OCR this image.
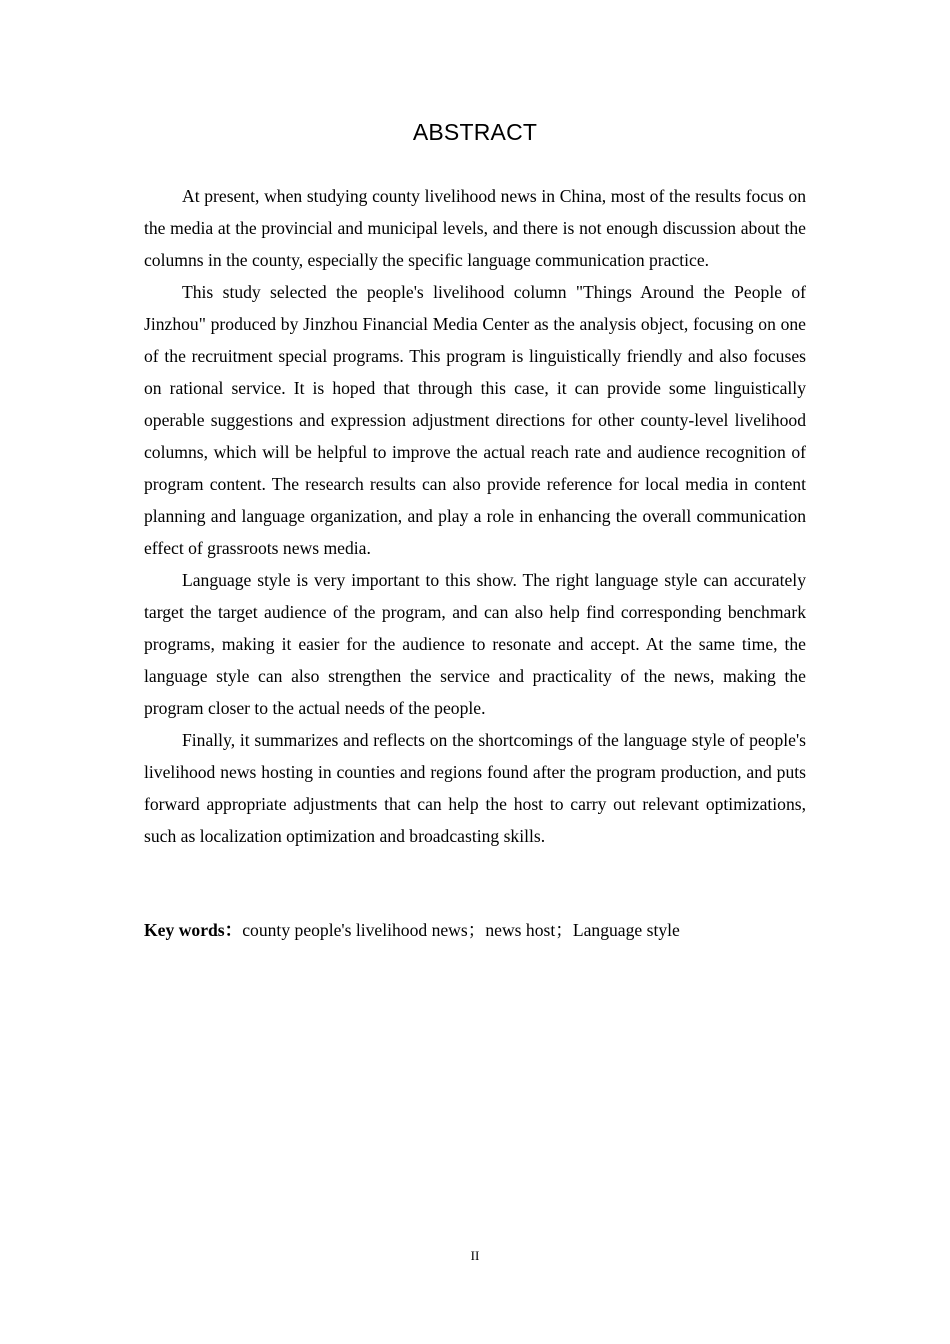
ABSTRACT

At present, when studying county livelihood news in China, most of the results focus on the media at the provincial and municipal levels, and there is not enough discussion about the columns in the county, especially the specific language communication practice.

This study selected the people's livelihood column "Things Around the People of Jinzhou" produced by Jinzhou Financial Media Center as the analysis object, focusing on one of the recruitment special programs. This program is linguistically friendly and also focuses on rational service. It is hoped that through this case, it can provide some linguistically operable suggestions and expression adjustment directions for other county-level livelihood columns, which will be helpful to improve the actual reach rate and audience recognition of program content. The research results can also provide reference for local media in content planning and language organization, and play a role in enhancing the overall communication effect of grassroots news media.

Language style is very important to this show. The right language style can accurately target the target audience of the program, and can also help find corresponding benchmark programs, making it easier for the audience to resonate and accept. At the same time, the language style can also strengthen the service and practicality of the news, making the program closer to the actual needs of the people.

Finally, it summarizes and reflects on the shortcomings of the language style of people's livelihood news hosting in counties and regions found after the program production, and puts forward appropriate adjustments that can help the host to carry out relevant optimizations, such as localization optimization and broadcasting skills.

Key words：county people's livelihood news；news host；Language style
II
